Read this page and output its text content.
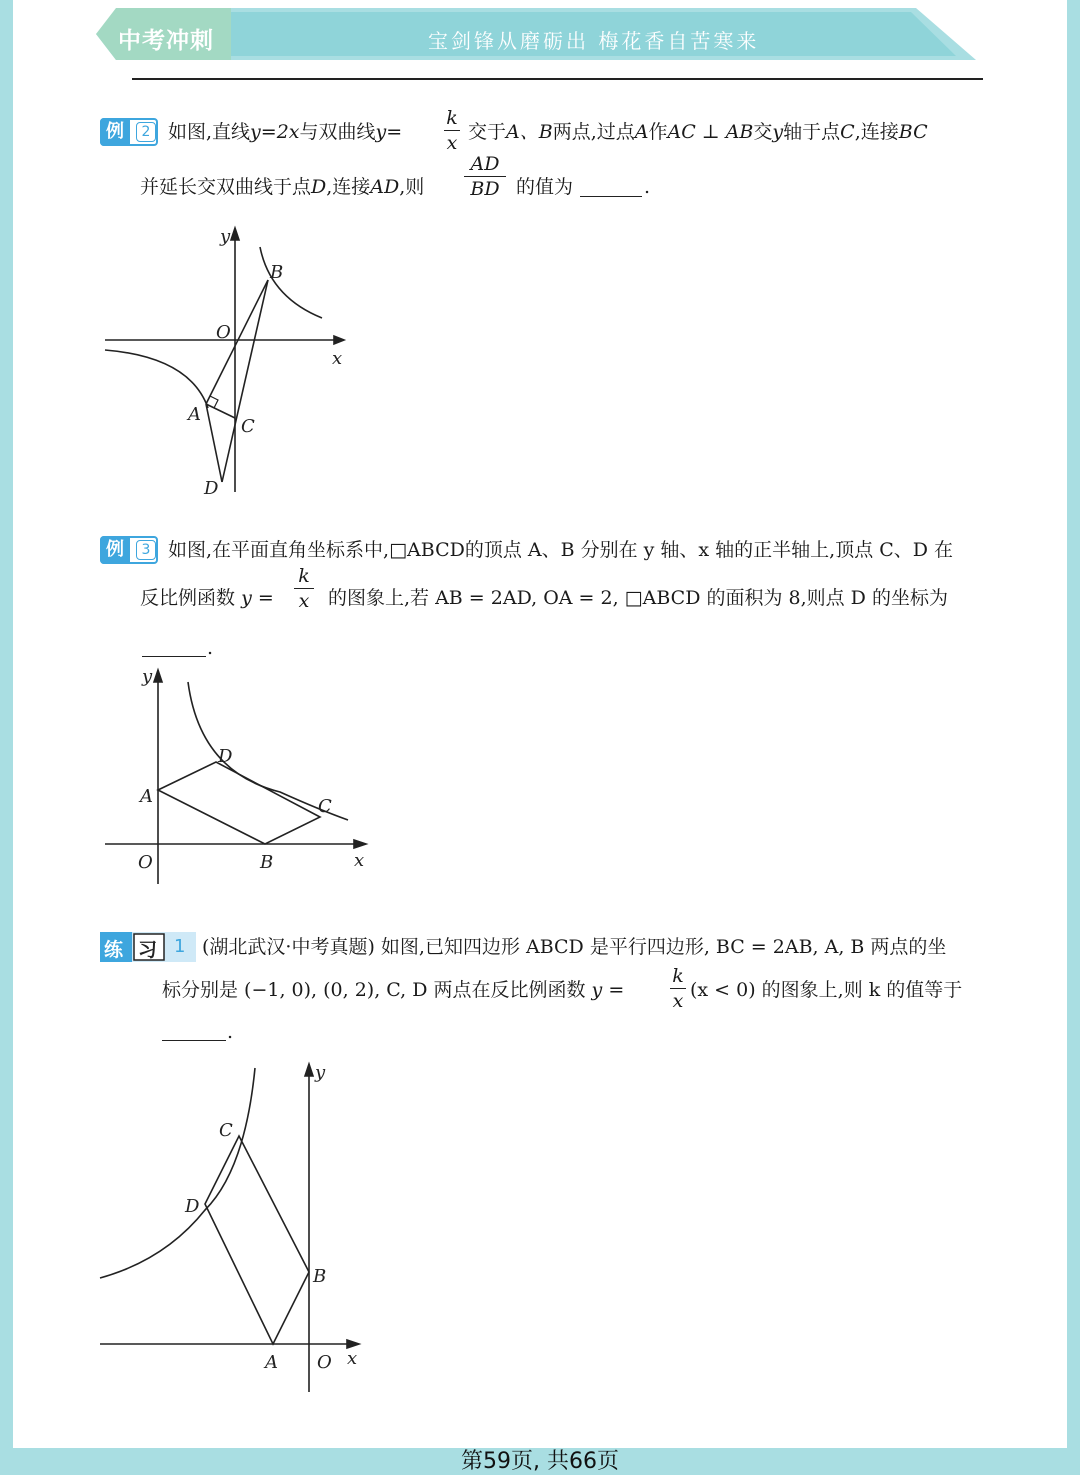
中考冲刺	宝剑锋从磨砺出 梅花香自苦寒来
例	2 如图,直线y=2x与双曲线y=
k
x 交于A、B两点,过点A作AC ⊥ AB交y轴于点C,连接BC
并延长交双曲线于点D,连接AD,则
AD
BD 的值为	.
y
B
O
x
A
C
D
例	3 如图,在平面直角坐标系中,□ABCD的顶点 A、B 分别在 y 轴、x 轴的正半轴上,顶点 C、D 在
反比例函数 y =
k
x 的图象上,若 AB = 2AD, OA = 2, □ABCD 的面积为 8,则点 D 的坐标为
.
y
D
A	C
O	B	x
练 习 1 (湖北武汉·中考真题) 如图,已知四边形 ABCD 是平行四边形, BC = 2AB, A, B 两点的坐
标分别是 (−1, 0), (0, 2), C, D 两点在反比例函数 y =
k
x (x < 0) 的图象上,则 k 的值等于
.
y
C
D
B
A O x
第59页, 共66页
